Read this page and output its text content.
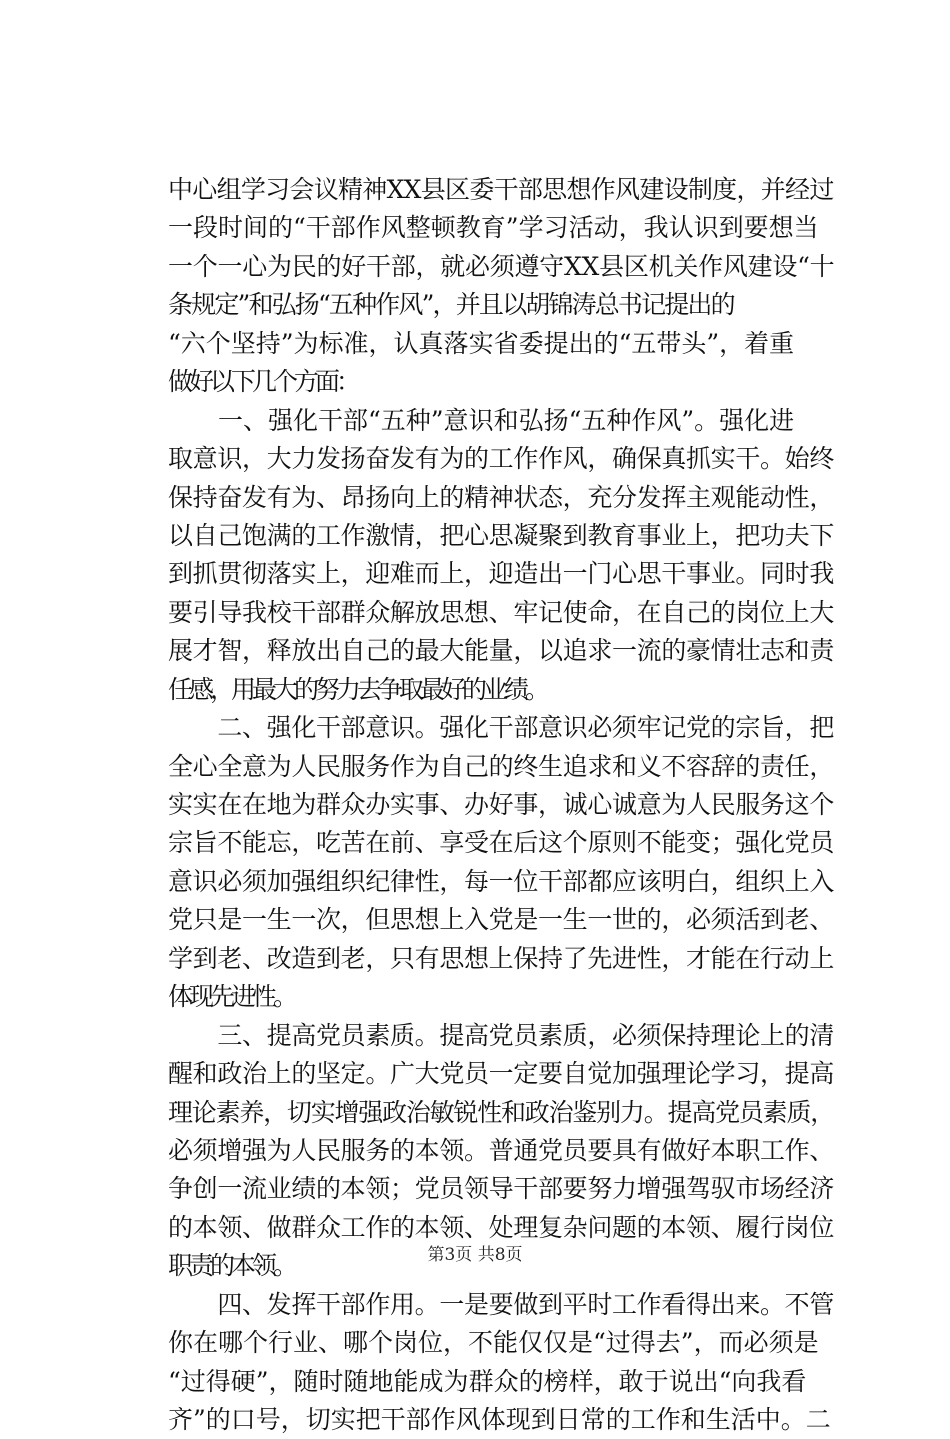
中心组学习会议精神XX县区委干部思想作风建设制度，并经过
一段时间的“干部作风整顿教育”学习活动，我认识到要想当
一个一心为民的好干部，就必须遵守XX县区机关作风建设“十
条规定”和弘扬“五种作风”，并且以胡锦涛总书记提出的
“六个坚持”为标准，认真落实省委提出的“五带头”，着重
做好以下几个方面：
　　一、强化干部“五种”意识和弘扬“五种作风”。强化进
取意识，大力发扬奋发有为的工作作风，确保真抓实干。始终
保持奋发有为、昂扬向上的精神状态，充分发挥主观能动性，
以自己饱满的工作激情，把心思凝聚到教育事业上，把功夫下
到抓贯彻落实上，迎难而上，迎造出一门心思干事业。同时我
要引导我校干部群众解放思想、牢记使命，在自己的岗位上大
展才智，释放出自己的最大能量，以追求一流的豪情壮志和责
任感，用最大的努力去争取最好的业绩。
　　二、强化干部意识。强化干部意识必须牢记党的宗旨，把
全心全意为人民服务作为自己的终生追求和义不容辞的责任，
实实在在地为群众办实事、办好事，诚心诚意为人民服务这个
宗旨不能忘，吃苦在前、享受在后这个原则不能变；强化党员
意识必须加强组织纪律性，每一位干部都应该明白，组织上入
党只是一生一次，但思想上入党是一生一世的，必须活到老、
学到老、改造到老，只有思想上保持了先进性，才能在行动上
体现先进性。
　　三、提高党员素质。提高党员素质，必须保持理论上的清
醒和政治上的坚定。广大党员一定要自觉加强理论学习，提高
理论素养，切实增强政治敏锐性和政治鉴别力。提高党员素质，
必须增强为人民服务的本领。普通党员要具有做好本职工作、
争创一流业绩的本领；党员领导干部要努力增强驾驭市场经济
的本领、做群众工作的本领、处理复杂问题的本领、履行岗位
职责的本领。
　　四、发挥干部作用。一是要做到平时工作看得出来。不管
你在哪个行业、哪个岗位，不能仅仅是“过得去”，而必须是
“过得硬”，随时随地能成为群众的榜样，敢于说出“向我看
齐”的口号，切实把干部作风体现到日常的工作和生活中。二
第3页 共8页
